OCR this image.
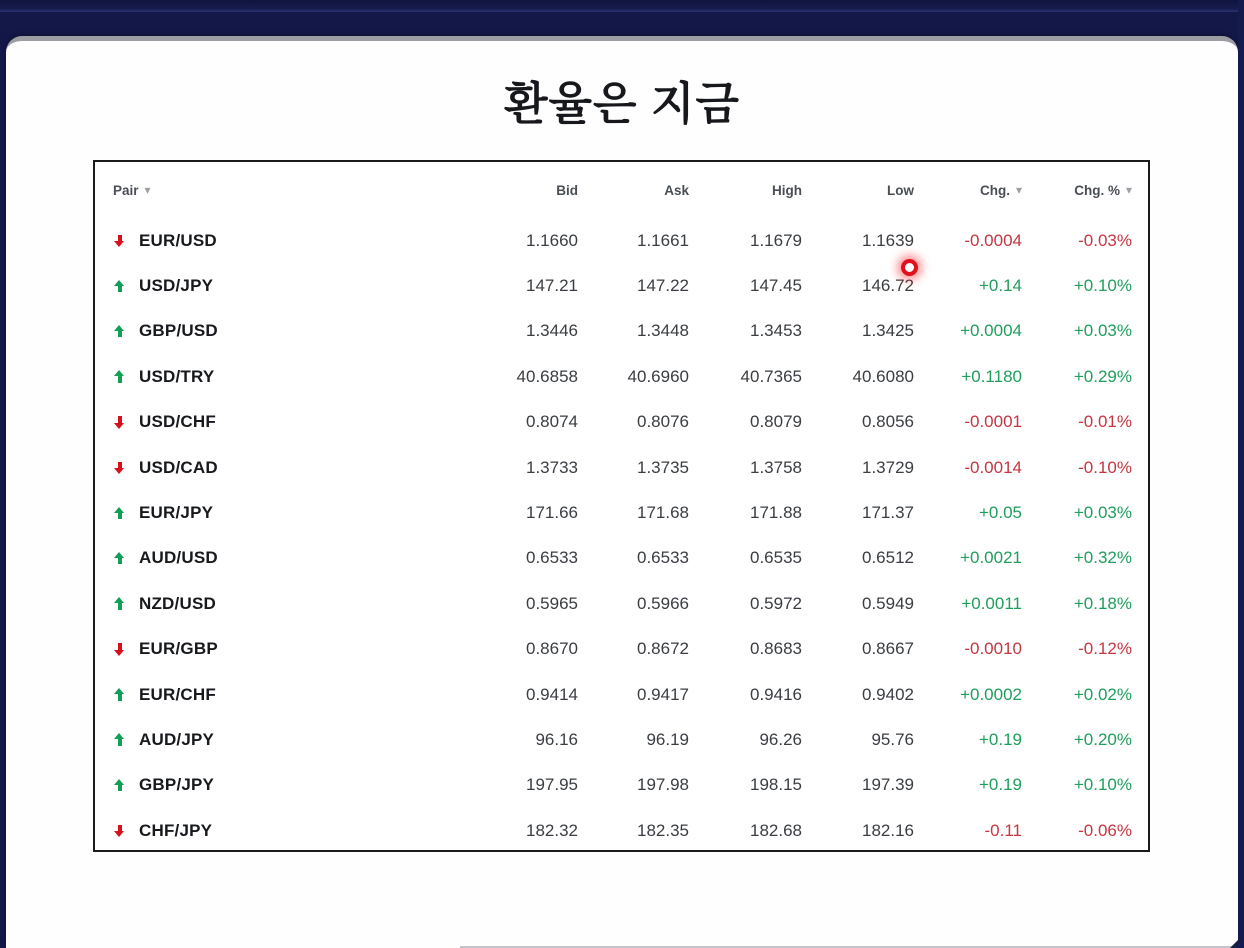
환율은 지금
Pair ▾	Bid	Ask	High	Low	Chg. ▾	Chg. % ▾
EUR/USD	1.1660	1.1661	1.1679	1.1639	-0.0004	-0.03%
USD/JPY	147.21	147.22	147.45	146.72	+0.14	+0.10%
GBP/USD	1.3446	1.3448	1.3453	1.3425	+0.0004	+0.03%
USD/TRY	40.6858	40.6960	40.7365	40.6080	+0.1180	+0.29%
USD/CHF	0.8074	0.8076	0.8079	0.8056	-0.0001	-0.01%
USD/CAD	1.3733	1.3735	1.3758	1.3729	-0.0014	-0.10%
EUR/JPY	171.66	171.68	171.88	171.37	+0.05	+0.03%
AUD/USD	0.6533	0.6533	0.6535	0.6512	+0.0021	+0.32%
NZD/USD	0.5965	0.5966	0.5972	0.5949	+0.0011	+0.18%
EUR/GBP	0.8670	0.8672	0.8683	0.8667	-0.0010	-0.12%
EUR/CHF	0.9414	0.9417	0.9416	0.9402	+0.0002	+0.02%
AUD/JPY	96.16	96.19	96.26	95.76	+0.19	+0.20%
GBP/JPY	197.95	197.98	198.15	197.39	+0.19	+0.10%
CHF/JPY	182.32	182.35	182.68	182.16	-0.11	-0.06%
